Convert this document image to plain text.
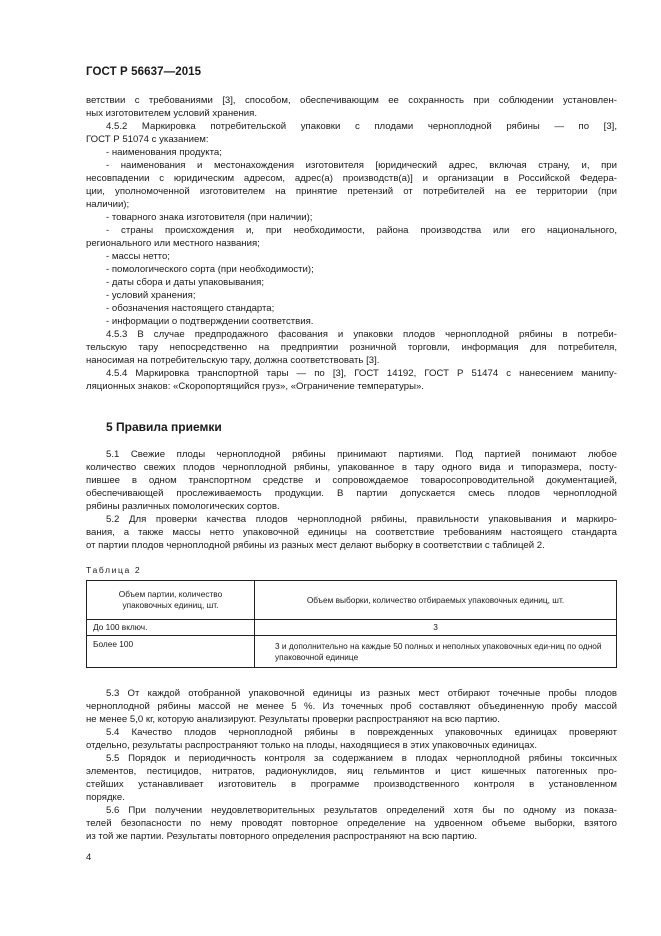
ГОСТ Р 56637—2015
ветствии с требованиями [3], способом, обеспечивающим ее сохранность при соблюдении установлен-
ных изготовителем условий хранения.
4.5.2 Маркировка потребительской упаковки с плодами черноплодной рябины — по [3],
ГОСТ Р 51074 с указанием:
- наименования продукта;
- наименования и местонахождения изготовителя [юридический адрес, включая страну, и, при
несовпадении с юридическим адресом, адрес(а) производств(а)] и организации в Российской Федера-
ции, уполномоченной изготовителем на принятие претензий от потребителей на ее территории (при
наличии);
- товарного знака изготовителя (при наличии);
- страны происхождения и, при необходимости, района производства или его национального,
регионального или местного названия;
- массы нетто;
- помологического сорта (при необходимости);
- даты сбора и даты упаковывания;
- условий хранения;
- обозначения настоящего стандарта;
- информации о подтверждении соответствия.
4.5.3 В случае предпродажного фасования и упаковки плодов черноплодной рябины в потреби-
тельскую тару непосредственно на предприятии розничной торговли, информация для потребителя,
наносимая на потребительскую тару, должна соответствовать [3].
4.5.4 Маркировка транспортной тары — по [3], ГОСТ 14192, ГОСТ Р 51474 с нанесением манипу-
ляционных знаков: «Скоропортящийся груз», «Ограничение температуры».
5 Правила приемки
5.1 Свежие плоды черноплодной рябины принимают партиями. Под партией понимают любое
количество свежих плодов черноплодной рябины, упакованное в тару одного вида и типоразмера, посту-
пившее в одном транспортном средстве и сопровождаемое товаросопроводительной документацией,
обеспечивающей прослеживаемость продукции. В партии допускается смесь плодов черноплодной
рябины различных помологических сортов.
5.2 Для проверки качества плодов черноплодной рябины, правильности упаковывания и маркиро-
вания, а также массы нетто упаковочной единицы на соответствие требованиям настоящего стандарта
от партии плодов черноплодной рябины из разных мест делают выборку в соответствии с таблицей 2.
Таблица 2
Объем партии, количество упаковочных единиц, шт.	Объем выборки, количество отбираемых упаковочных единиц, шт.
До 100 включ.	3
Более 100	3 и дополнительно на каждые 50 полных и неполных упаковочных еди-ниц по одной упаковочной единице
5.3 От каждой отобранной упаковочной единицы из разных мест отбирают точечные пробы плодов
черноплодной рябины массой не менее 5 %. Из точечных проб составляют объединенную пробу массой
не менее 5,0 кг, которую анализируют. Результаты проверки распространяют на всю партию.
5.4 Качество плодов черноплодной рябины в поврежденных упаковочных единицах проверяют
отдельно, результаты распространяют только на плоды, находящиеся в этих упаковочных единицах.
5.5 Порядок и периодичность контроля за содержанием в плодах черноплодной рябины токсичных
элементов, пестицидов, нитратов, радионуклидов, яиц гельминтов и цист кишечных патогенных про-
стейших устанавливает изготовитель в программе производственного контроля в установленном
порядке.
5.6 При получении неудовлетворительных результатов определений хотя бы по одному из показа-
телей безопасности по нему проводят повторное определение на удвоенном объеме выборки, взятого
из той же партии. Результаты повторного определения распространяют на всю партию.
4
